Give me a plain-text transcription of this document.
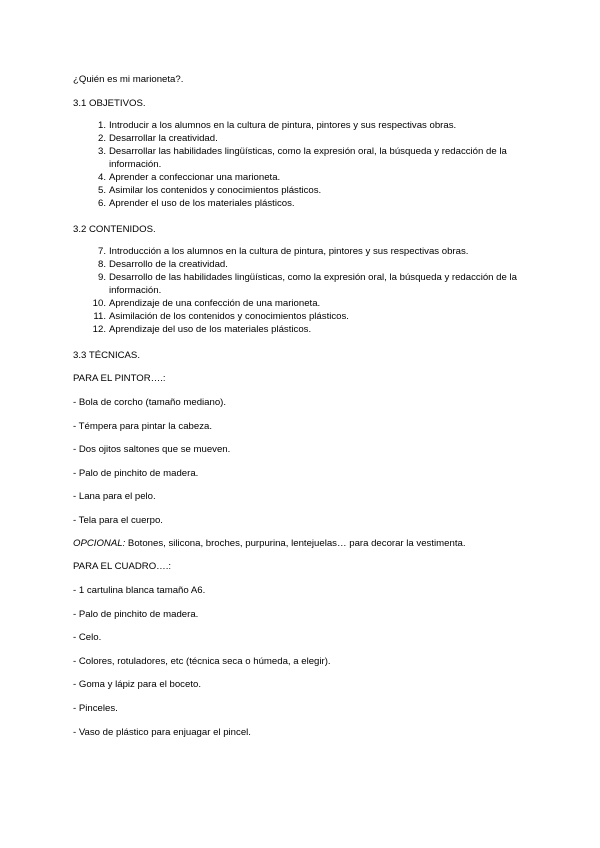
¿Quién es mi marioneta?.
3.1 OBJETIVOS.
1. Introducir a los alumnos en la cultura de pintura, pintores y sus respectivas obras.
2. Desarrollar la creatividad.
3. Desarrollar las habilidades lingüísticas, como la expresión oral, la búsqueda y redacción de la información.
4. Aprender a confeccionar una marioneta.
5. Asimilar los contenidos y conocimientos plásticos.
6. Aprender el uso de los materiales plásticos.
3.2 CONTENIDOS.
7. Introducción a los alumnos en la cultura de pintura, pintores y sus respectivas obras.
8. Desarrollo de la creatividad.
9. Desarrollo de las habilidades lingüísticas, como la expresión oral, la búsqueda y redacción de la información.
10. Aprendizaje de una confección de una marioneta.
11. Asimilación de los contenidos y conocimientos plásticos.
12. Aprendizaje del uso de los materiales plásticos.
3.3 TÉCNICAS.
PARA EL PINTOR….:
- Bola de corcho (tamaño mediano).
- Témpera para pintar la cabeza.
- Dos ojitos saltones que se mueven.
- Palo de pinchito de madera.
- Lana para el pelo.
- Tela para el cuerpo.
OPCIONAL: Botones, silicona, broches, purpurina, lentejuelas… para decorar la vestimenta.
PARA EL CUADRO….:
- 1 cartulina blanca tamaño A6.
- Palo de pinchito de madera.
- Celo.
- Colores, rotuladores, etc (técnica seca o húmeda, a elegir).
- Goma y lápiz para el boceto.
- Pinceles.
- Vaso de plástico para enjuagar el pincel.
